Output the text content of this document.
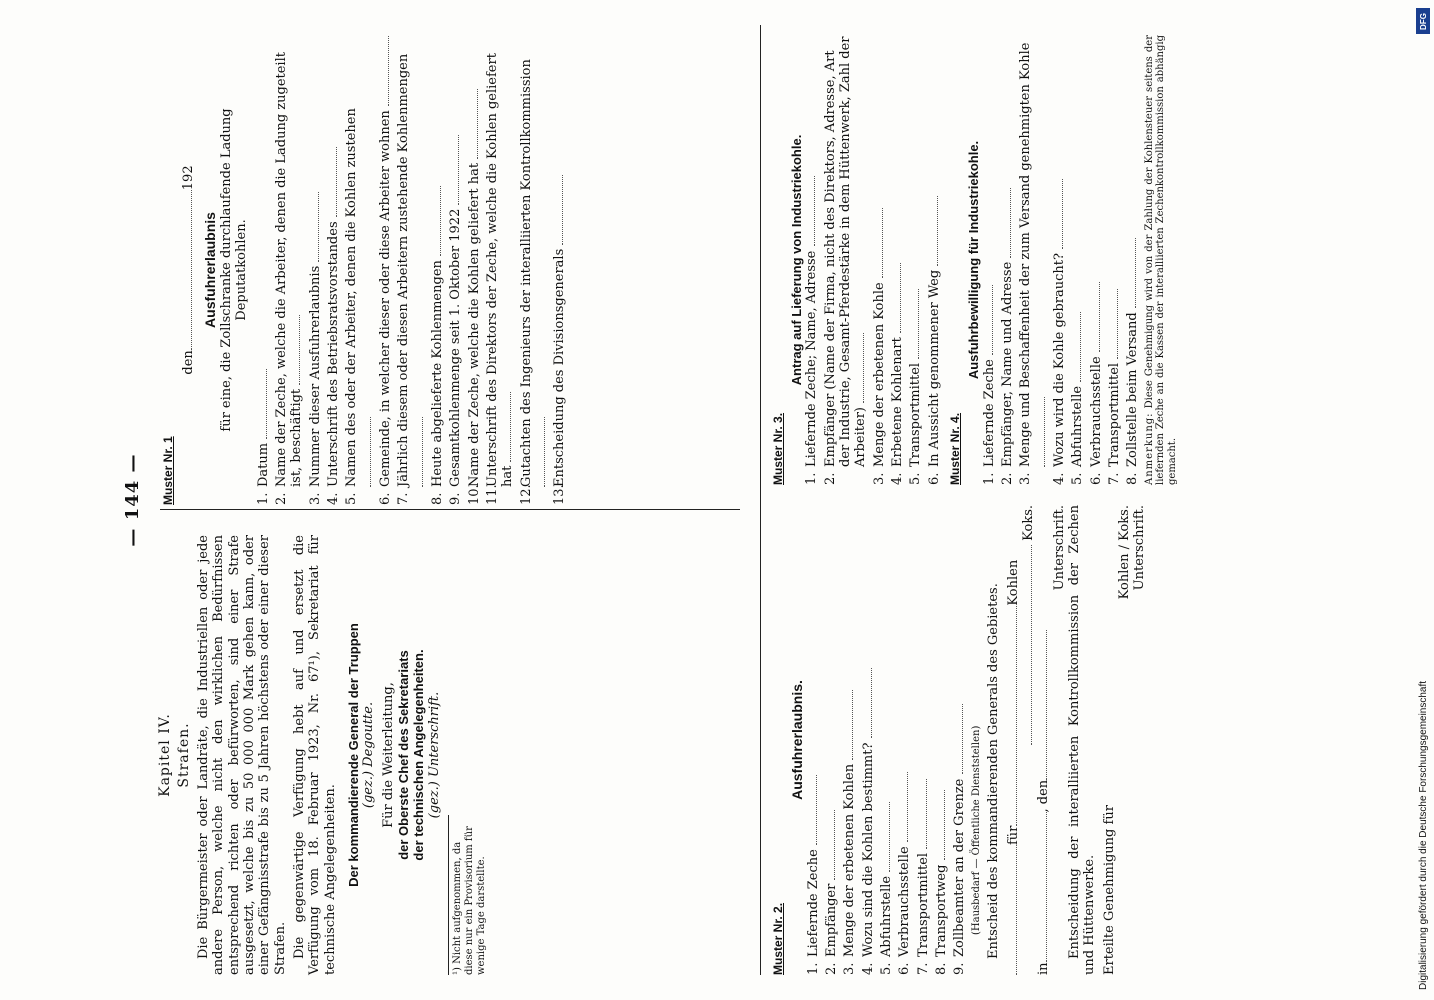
— 144 —
Kapitel IV. Strafen. Die Bürgermeister oder Landräte, die Industriellen oder jede andere Person, welche nicht den wirklichen Bedürfnissen entsprechend richten oder befürworten, sind einer Strafe ausgesetzt, welche bis zu 50 000 000 Mark gehen kann, oder einer Gefängnisstrafe bis zu 5 Jahren höchstens oder einer dieser Strafen. Die gegenwärtige Verfügung hebt auf und ersetzt die Verfügung vom 18. Februar 1923, Nr. 67¹), Sekretariat für technische Angelegenheiten. Der kommandierende General der Truppen (gez.) Degoutte. Für die Weiterleitung, der Oberste Chef des Sekretariats der technischen Angelegenheiten. (gez.) Unterschrift.
¹) Nicht aufgenommen, da diese nur ein Provisorium für wenige Tage darstellte.
Muster Nr. 1
den
192
Ausfuhrerlaubnis für eine, die Zollschranke durchlaufende Ladung Deputatkohlen.
1.
Datum
2.
Name der Zeche, welche die Arbeiter, denen die Ladung zugeteilt ist, beschäftigt
3.
Nummer dieser Ausfuhrerlaubnis
4.
Unterschrift des Betriebsratsvorstandes
5.
Namen des oder der Arbeiter, denen die Kohlen zustehen
6.
Gemeinde, in welcher dieser oder diese Arbeiter wohnen
7.
Jährlich diesem oder diesen Arbeitern zustehende Kohlenmengen
8.
Heute abgelieferte Kohlenmengen
9.
Gesamtkohlenmenge seit 1. Oktober 1922
10.
Name der Zeche, welche die Kohlen geliefert hat
11.
Unterschrift des Direktors der Zeche, welche die Kohlen geliefert hat
12.
Gutachten des Ingenieurs der interalliierten Kontrollkommission
13.
Entscheidung des Divisionsgenerals
Muster Nr. 2.
Ausfuhrerlaubnis.
1.
Liefernde Zeche
2.
Empfänger
3.
Menge der erbetenen Kohlen
4.
Wozu sind die Kohlen bestimmt?
5.
Abfuhrstelle
6.
Verbrauchsstelle
7.
Transportmittel
8.
Transportweg
9.
Zollbeamter an der Grenze (Hausbedarf — Öffentliche Dienststellen) Entscheid des kommandierenden Generals des Gebietes. für
Kohlen
Koks.
in
, den
Unterschrift. Entscheidung der interalliierten Kontrollkommission der Zechen und Hüttenwerke. Erteilte Genehmigung für
Kohlen / Koks. Unterschrift.
Muster Nr. 3.
Antrag auf Lieferung von Industriekohle.
1.
Liefernde Zeche; Name, Adresse
2.
Empfänger (Name der Firma, nicht des Direktors, Adresse, Art der Industrie, Gesamt-Pferdestärke in dem Hüttenwerk, Zahl der Arbeiter)
3.
Menge der erbetenen Kohle
4.
Erbetene Kohlenart
5.
Transportmittel
6.
In Aussicht genommener Weg Muster Nr. 4.
Ausfuhrbewilligung für Industriekohle.
1.
Liefernde Zeche
2.
Empfänger, Name und Adresse
3.
Menge und Beschaffenheit der zum Versand genehmigten Kohle
4.
Wozu wird die Kohle gebraucht?
5.
Abfuhrstelle
6.
Verbrauchsstelle
7.
Transportmittel
8.
Zollstelle beim Versand Anmerkung: Diese Genehmigung wird von der Zahlung der Kohlensteuer seitens der liefernden Zeche an die Kassen der interalliierten Zechenkontrollkommission abhängig gemacht.
Digitalisierung gefördert durch die Deutsche Forschungsgemeinschaft
DFG
